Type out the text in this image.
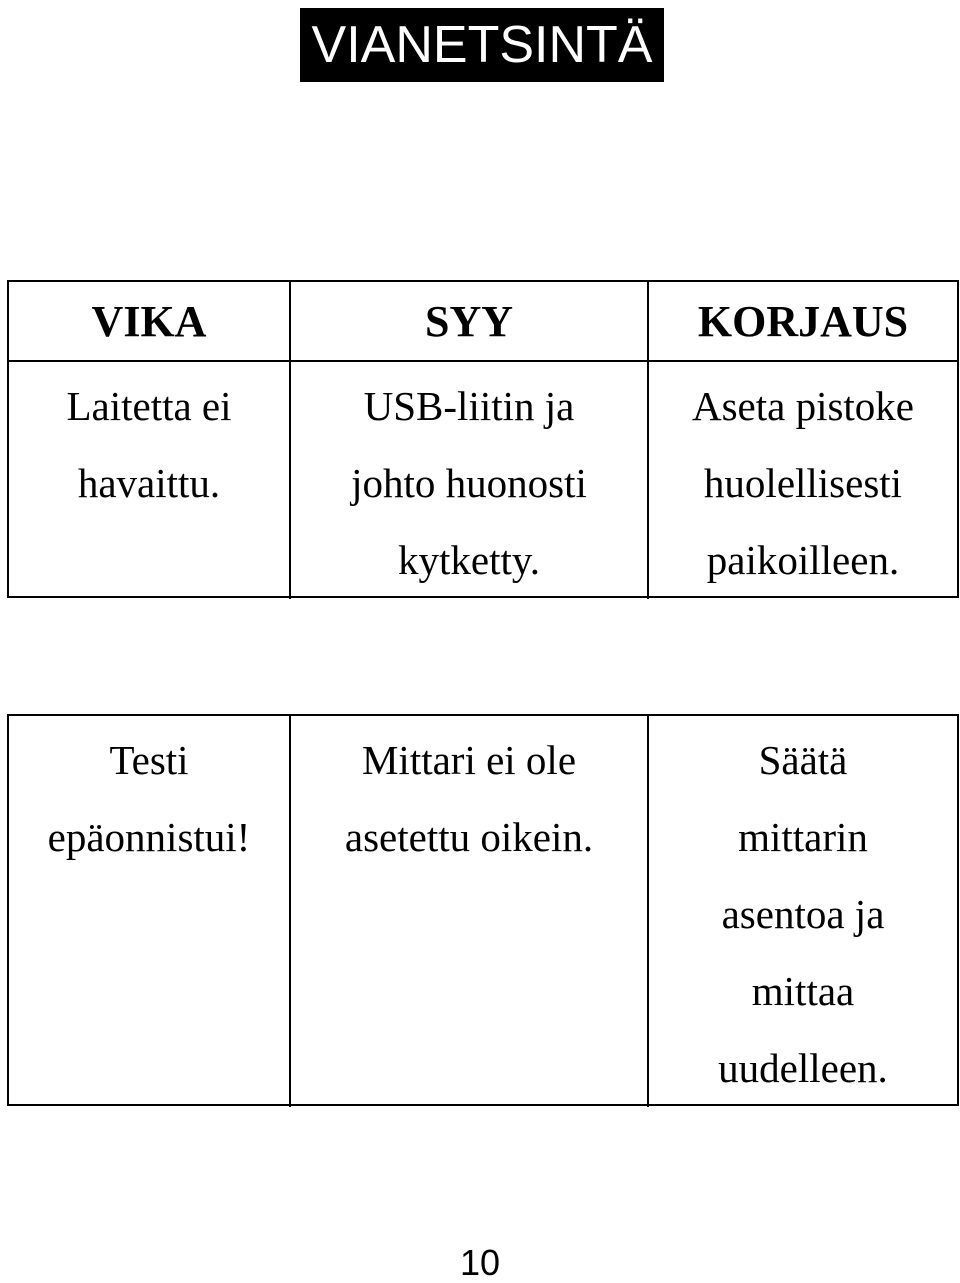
VIANETSINTÄ
VIKA	SYY	KORJAUS
Laitetta ei
havaittu.
USB-liitin ja
johto huonosti
kytketty.
Aseta pistoke
huolellisesti
paikoilleen.
Testi
epäonnistui!
Mittari ei ole
asetettu oikein.
Säätä
mittarin
asentoa ja
mittaa
uudelleen.
10
